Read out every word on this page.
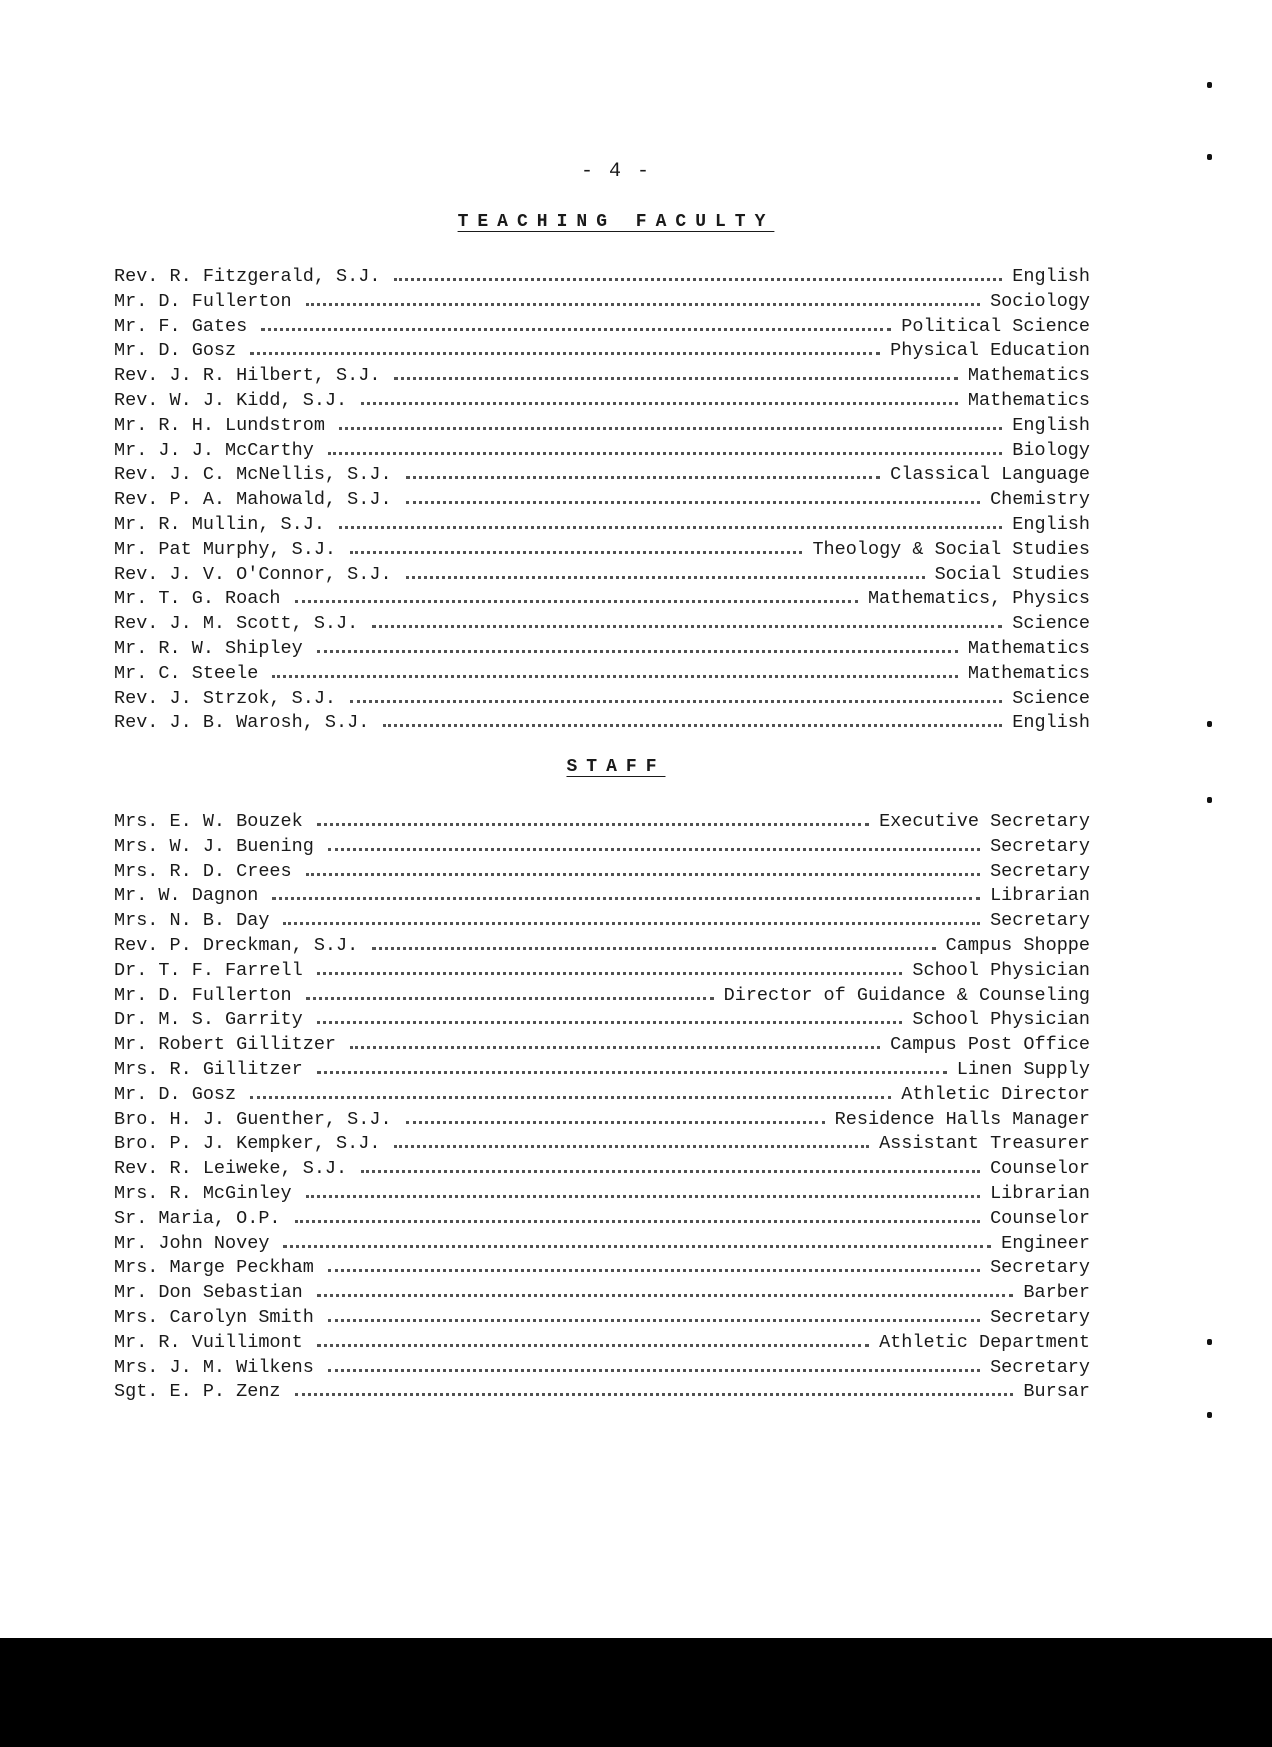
- 4 -
TEACHING FACULTY
Rev. R. Fitzgerald, S.J.	English
Mr. D. Fullerton	Sociology
Mr. F. Gates	Political Science
Mr. D. Gosz	Physical Education
Rev. J. R. Hilbert, S.J.	Mathematics
Rev. W. J. Kidd, S.J.	Mathematics
Mr. R. H. Lundstrom	English
Mr. J. J. McCarthy	Biology
Rev. J. C. McNellis, S.J.	Classical Language
Rev. P. A. Mahowald, S.J.	Chemistry
Mr. R. Mullin, S.J.	English
Mr. Pat Murphy, S.J.	Theology & Social Studies
Rev. J. V. O'Connor, S.J.	Social Studies
Mr. T. G. Roach	Mathematics, Physics
Rev. J. M. Scott, S.J.	Science
Mr. R. W. Shipley	Mathematics
Mr. C. Steele	Mathematics
Rev. J. Strzok, S.J.	Science
Rev. J. B. Warosh, S.J.	English
STAFF
Mrs. E. W. Bouzek	Executive Secretary
Mrs. W. J. Buening	Secretary
Mrs. R. D. Crees	Secretary
Mr. W. Dagnon	Librarian
Mrs. N. B. Day	Secretary
Rev. P. Dreckman, S.J.	Campus Shoppe
Dr. T. F. Farrell	School Physician
Mr. D. Fullerton	Director of Guidance & Counseling
Dr. M. S. Garrity	School Physician
Mr. Robert Gillitzer	Campus Post Office
Mrs. R. Gillitzer	Linen Supply
Mr. D. Gosz	Athletic Director
Bro. H. J. Guenther, S.J.	Residence Halls Manager
Bro. P. J. Kempker, S.J.	Assistant Treasurer
Rev. R. Leiweke, S.J.	Counselor
Mrs. R. McGinley	Librarian
Sr. Maria, O.P.	Counselor
Mr. John Novey	Engineer
Mrs. Marge Peckham	Secretary
Mr. Don Sebastian	Barber
Mrs. Carolyn Smith	Secretary
Mr. R. Vuillimont	Athletic Department
Mrs. J. M. Wilkens	Secretary
Sgt. E. P. Zenz	Bursar
